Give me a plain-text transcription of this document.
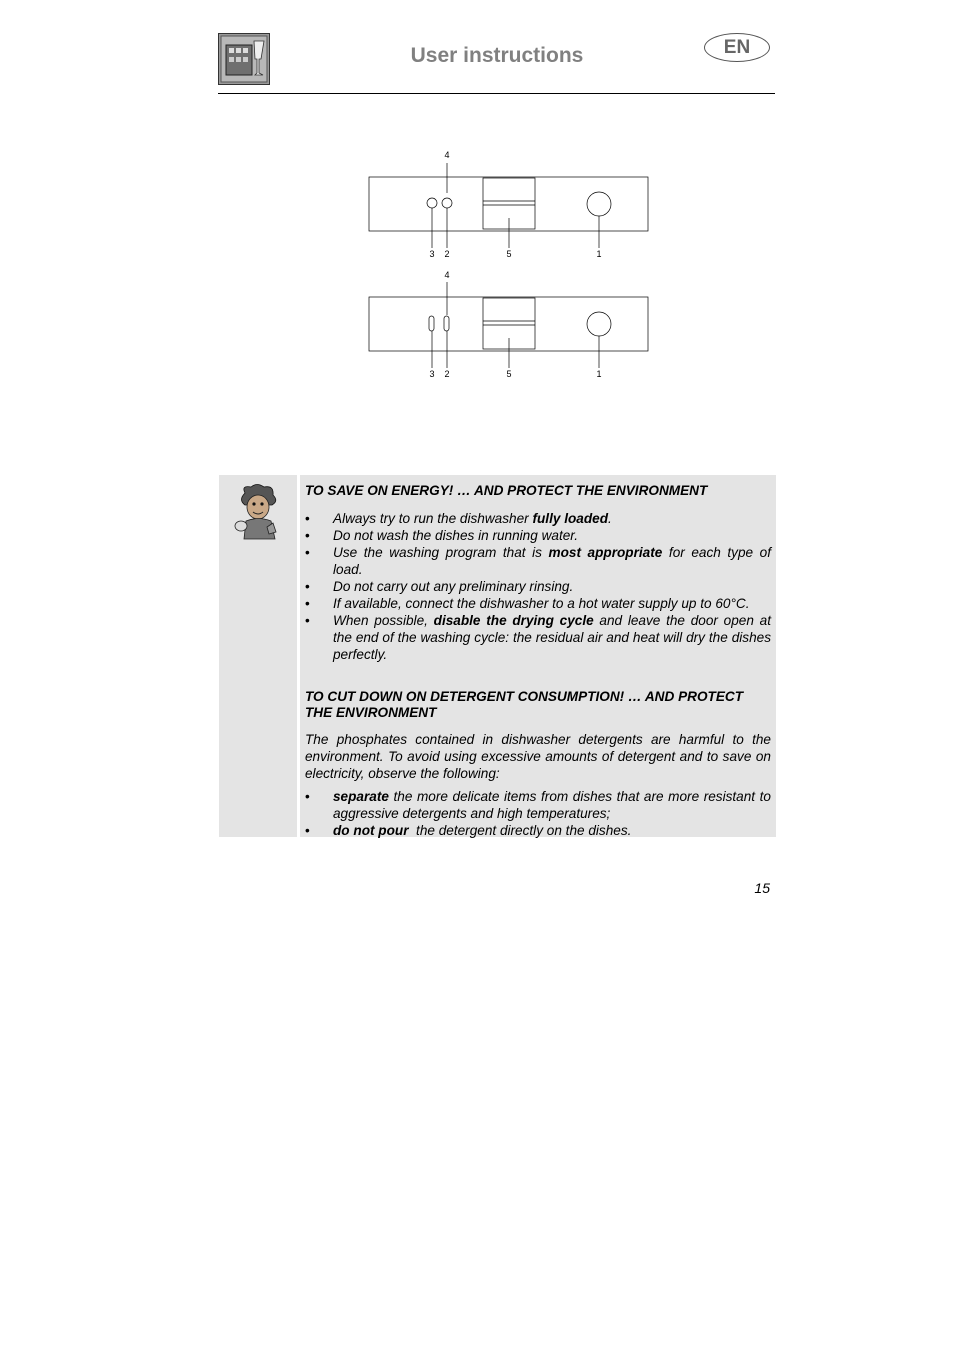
User instructions	EN
4
3 2	5	1
4
3 2	5	1
TO SAVE ON ENERGY! … AND PROTECT THE ENVIRONMENT
• Always try to run the dishwasher fully loaded.
• Do not wash the dishes in running water.
• Use the washing program that is most appropriate for each type of load.
• Do not carry out any preliminary rinsing.
• If available, connect the dishwasher to a hot water supply up to 60°C.
• When possible, disable the drying cycle and leave the door open at the end of the washing cycle: the residual air and heat will dry the dishes perfectly.
TO CUT DOWN ON DETERGENT CONSUMPTION! … AND PROTECT THE ENVIRONMENT

The phosphates contained in dishwasher detergents are harmful to the environment. To avoid using excessive amounts of detergent and to save on electricity, observe the following:

• separate the more delicate items from dishes that are more resistant to aggressive detergents and high temperatures;
• do not pour  the detergent directly on the dishes.
15
